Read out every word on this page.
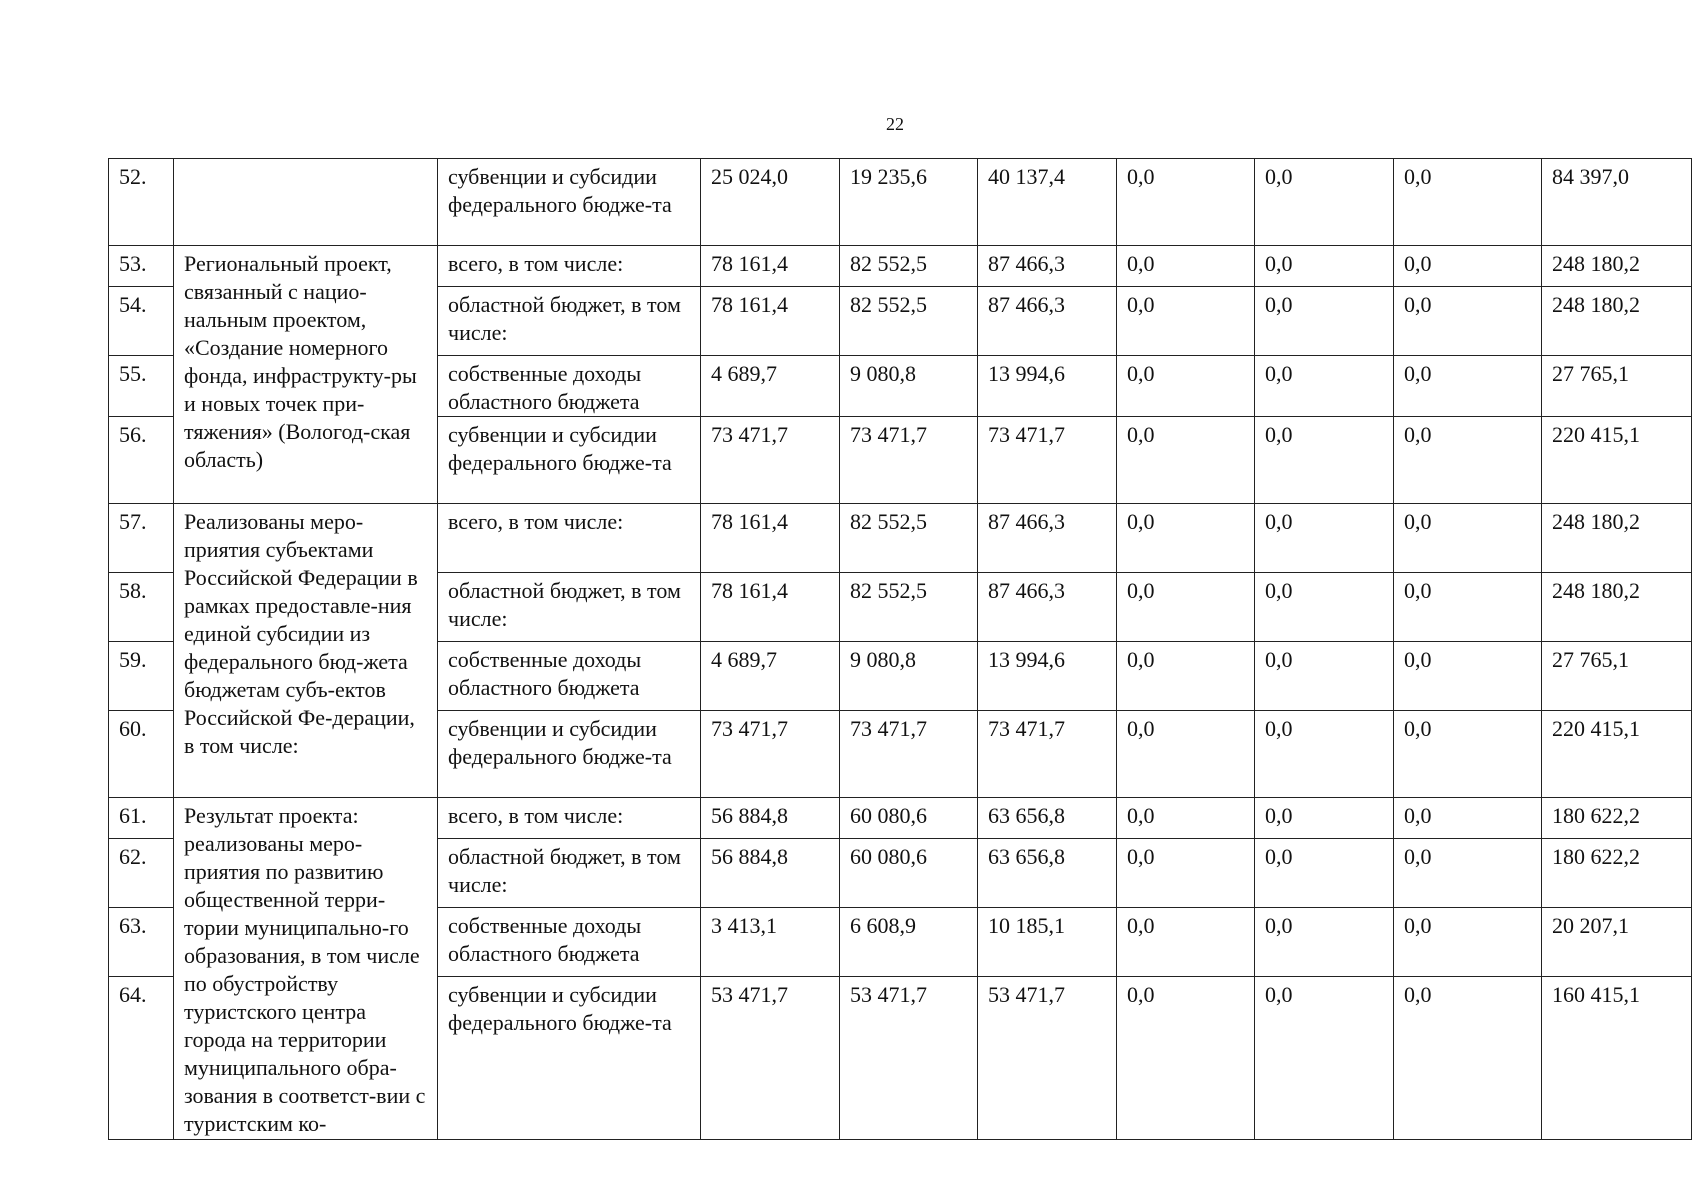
22
52.		субвенции и субсидии федерального бюдже-та	25 024,0	19 235,6	40 137,4	0,0	0,0	0,0	84 397,0
53.	Региональный проект, связанный с нацио-нальным проектом, «Создание номерного фонда, инфраструкту-ры и новых точек при-тяжения» (Вологод-ская область)	всего, в том числе:	78 161,4	82 552,5	87 466,3	0,0	0,0	0,0	248 180,2
54.		областной бюджет, в том числе:	78 161,4	82 552,5	87 466,3	0,0	0,0	0,0	248 180,2
55.		собственные доходы областного бюджета	4 689,7	9 080,8	13 994,6	0,0	0,0	0,0	27 765,1
56.		субвенции и субсидии федерального бюдже-та	73 471,7	73 471,7	73 471,7	0,0	0,0	0,0	220 415,1
57.	Реализованы меро-приятия субъектами Российской Федерации в рамках предоставле-ния единой субсидии из федерального бюд-жета бюджетам субъ-ектов Российской Фе-дерации, в том числе:	всего, в том числе:	78 161,4	82 552,5	87 466,3	0,0	0,0	0,0	248 180,2
58.		областной бюджет, в том числе:	78 161,4	82 552,5	87 466,3	0,0	0,0	0,0	248 180,2
59.		собственные доходы областного бюджета	4 689,7	9 080,8	13 994,6	0,0	0,0	0,0	27 765,1
60.		субвенции и субсидии федерального бюдже-та	73 471,7	73 471,7	73 471,7	0,0	0,0	0,0	220 415,1
61.	Результат проекта: реализованы меро-приятия по развитию общественной терри-тории муниципально-го образования, в том числе по обустройству туристского центра города на территории муниципального обра-зования в соответст-вии с туристским ко-	всего, в том числе:	56 884,8	60 080,6	63 656,8	0,0	0,0	0,0	180 622,2
62.		областной бюджет, в том числе:	56 884,8	60 080,6	63 656,8	0,0	0,0	0,0	180 622,2
63.		собственные доходы областного бюджета	3 413,1	6 608,9	10 185,1	0,0	0,0	0,0	20 207,1
64.		субвенции и субсидии федерального бюдже-та	53 471,7	53 471,7	53 471,7	0,0	0,0	0,0	160 415,1
